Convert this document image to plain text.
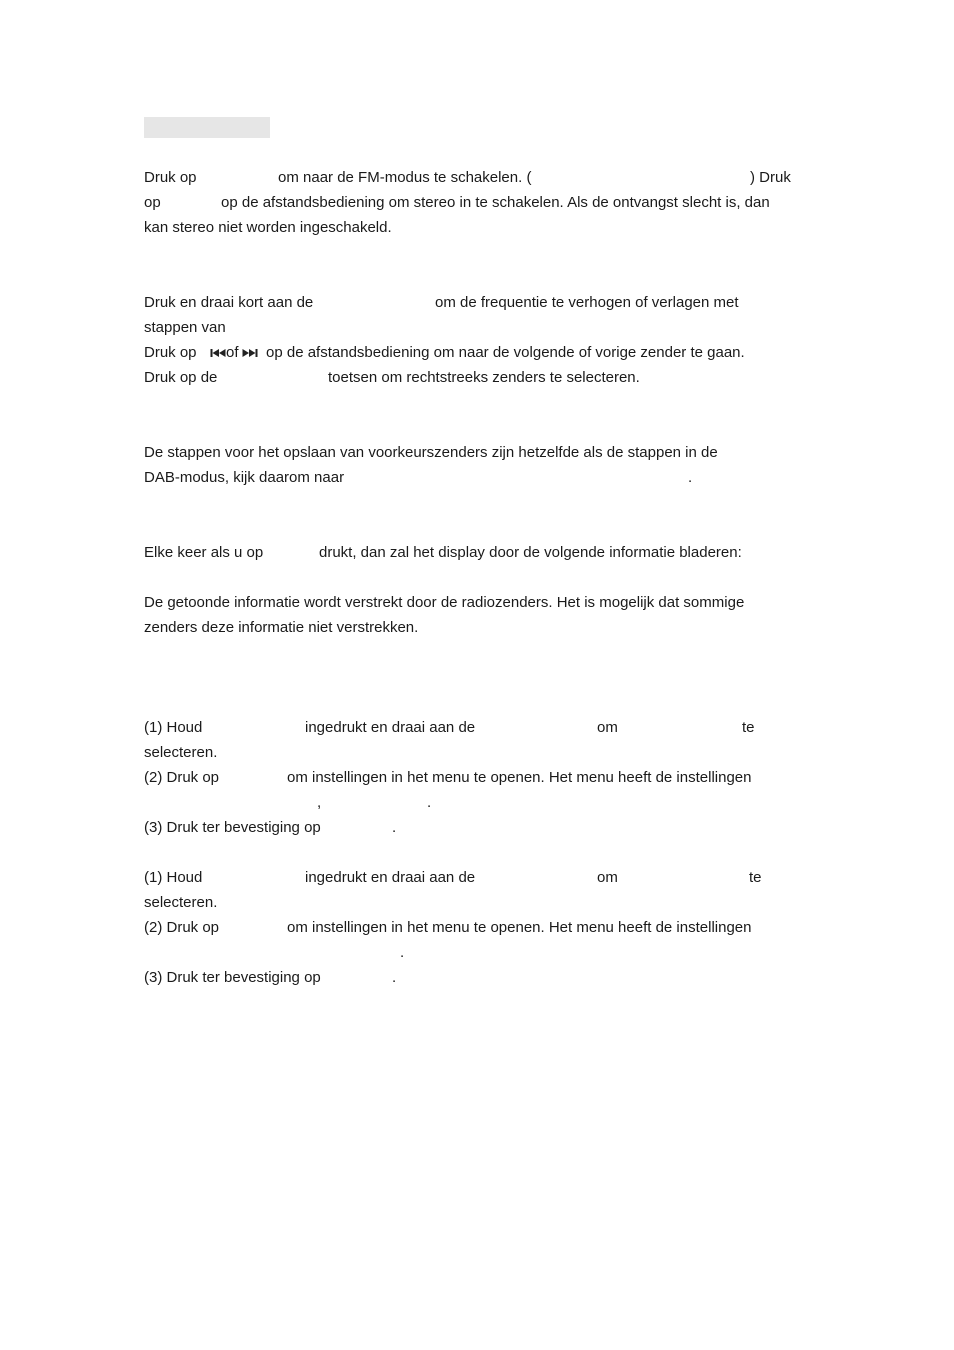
Druk op	om naar de FM-modus te schakelen. (	) Druk
op	op de afstandsbediening om stereo in te schakelen. Als de ontvangst slecht is, dan
kan stereo niet worden ingeschakeld.
Druk en draai kort aan de	om de frequentie te verhogen of verlagen met
stappen van
Druk op of op de afstandsbediening om naar de volgende of vorige zender te gaan.
Druk op de	toetsen om rechtstreeks zenders te selecteren.
De stappen voor het opslaan van voorkeurszenders zijn hetzelfde als de stappen in de
DAB-modus, kijk daarom naar	.
Elke keer als u op	drukt, dan zal het display door de volgende informatie bladeren:
De getoonde informatie wordt verstrekt door de radiozenders. Het is mogelijk dat sommige
zenders deze informatie niet verstrekken.
(1) Houd	ingedrukt en draai aan de	om	te
selecteren.
(2) Druk op	om instellingen in het menu te openen. Het menu heeft de instellingen
,	.
(3) Druk ter bevestiging op	.
(1) Houd	ingedrukt en draai aan de	om	te
selecteren.
(2) Druk op	om instellingen in het menu te openen. Het menu heeft de instellingen
.
(3) Druk ter bevestiging op	.
